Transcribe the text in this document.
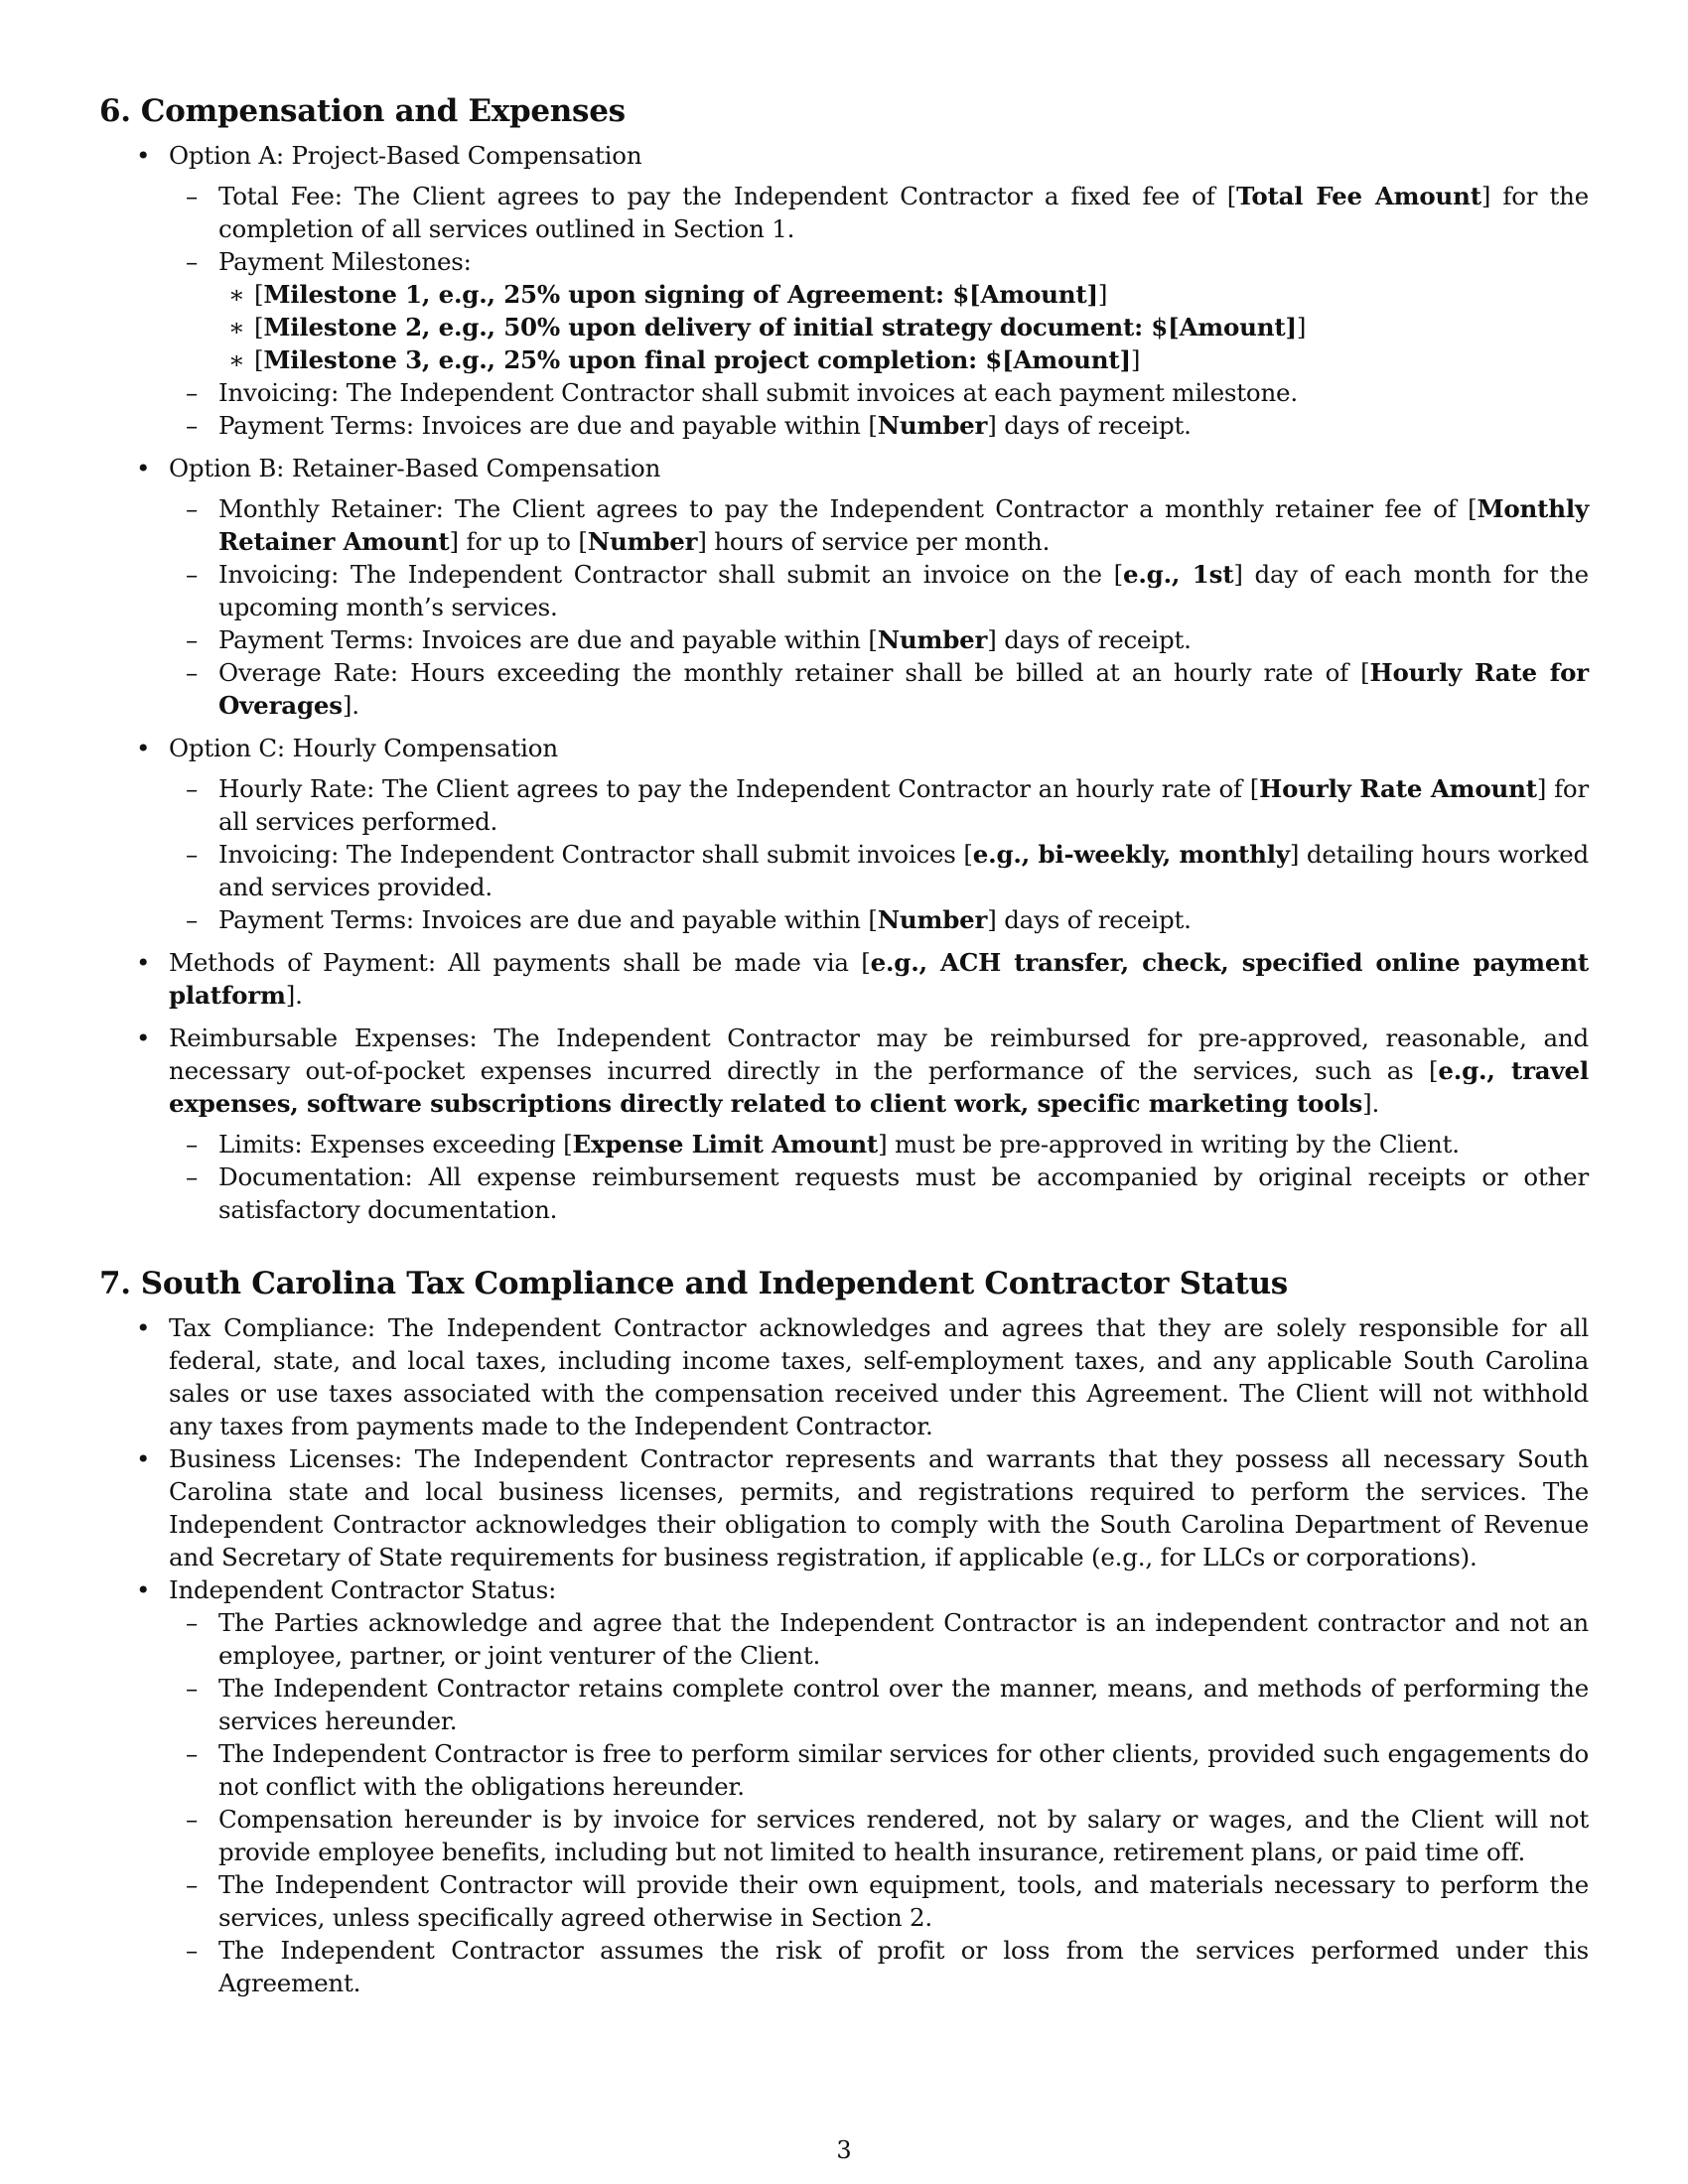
6. Compensation and Expenses
• Option A: Project-Based Compensation
– Total Fee: The Client agrees to pay the Independent Contractor a fixed fee of [Total Fee Amount] for the completion of all services outlined in Section 1.
– Payment Milestones:
∗ [Milestone 1, e.g., 25% upon signing of Agreement: $[Amount]]
∗ [Milestone 2, e.g., 50% upon delivery of initial strategy document: $[Amount]]
∗ [Milestone 3, e.g., 25% upon final project completion: $[Amount]]
– Invoicing: The Independent Contractor shall submit invoices at each payment milestone.
– Payment Terms: Invoices are due and payable within [Number] days of receipt.
• Option B: Retainer-Based Compensation
– Monthly Retainer: The Client agrees to pay the Independent Contractor a monthly retainer fee of [Monthly Retainer Amount] for up to [Number] hours of service per month.
– Invoicing: The Independent Contractor shall submit an invoice on the [e.g., 1st] day of each month for the upcoming month’s services.
– Payment Terms: Invoices are due and payable within [Number] days of receipt.
– Overage Rate: Hours exceeding the monthly retainer shall be billed at an hourly rate of [Hourly Rate for Overages].
• Option C: Hourly Compensation
– Hourly Rate: The Client agrees to pay the Independent Contractor an hourly rate of [Hourly Rate Amount] for all services performed.
– Invoicing: The Independent Contractor shall submit invoices [e.g., bi-weekly, monthly] detailing hours worked and services provided.
– Payment Terms: Invoices are due and payable within [Number] days of receipt.
• Methods of Payment: All payments shall be made via [e.g., ACH transfer, check, specified online payment platform].
• Reimbursable Expenses: The Independent Contractor may be reimbursed for pre-approved, reasonable, and necessary out-of-pocket expenses incurred directly in the performance of the services, such as [e.g., travel expenses, software subscriptions directly related to client work, specific marketing tools].
– Limits: Expenses exceeding [Expense Limit Amount] must be pre-approved in writing by the Client.
– Documentation: All expense reimbursement requests must be accompanied by original receipts or other satisfactory documentation.
7. South Carolina Tax Compliance and Independent Contractor Status
• Tax Compliance: The Independent Contractor acknowledges and agrees that they are solely responsible for all federal, state, and local taxes, including income taxes, self-employment taxes, and any applicable South Carolina sales or use taxes associated with the compensation received under this Agreement. The Client will not withhold any taxes from payments made to the Independent Contractor.
• Business Licenses: The Independent Contractor represents and warrants that they possess all necessary South Carolina state and local business licenses, permits, and registrations required to perform the services. The Independent Contractor acknowledges their obligation to comply with the South Carolina Department of Revenue and Secretary of State requirements for business registration, if applicable (e.g., for LLCs or corporations).
• Independent Contractor Status:
– The Parties acknowledge and agree that the Independent Contractor is an independent contractor and not an employee, partner, or joint venturer of the Client.
– The Independent Contractor retains complete control over the manner, means, and methods of performing the services hereunder.
– The Independent Contractor is free to perform similar services for other clients, provided such engagements do not conflict with the obligations hereunder.
– Compensation hereunder is by invoice for services rendered, not by salary or wages, and the Client will not provide employee benefits, including but not limited to health insurance, retirement plans, or paid time off.
– The Independent Contractor will provide their own equipment, tools, and materials necessary to perform the services, unless specifically agreed otherwise in Section 2.
– The Independent Contractor assumes the risk of profit or loss from the services performed under this Agreement.
3
